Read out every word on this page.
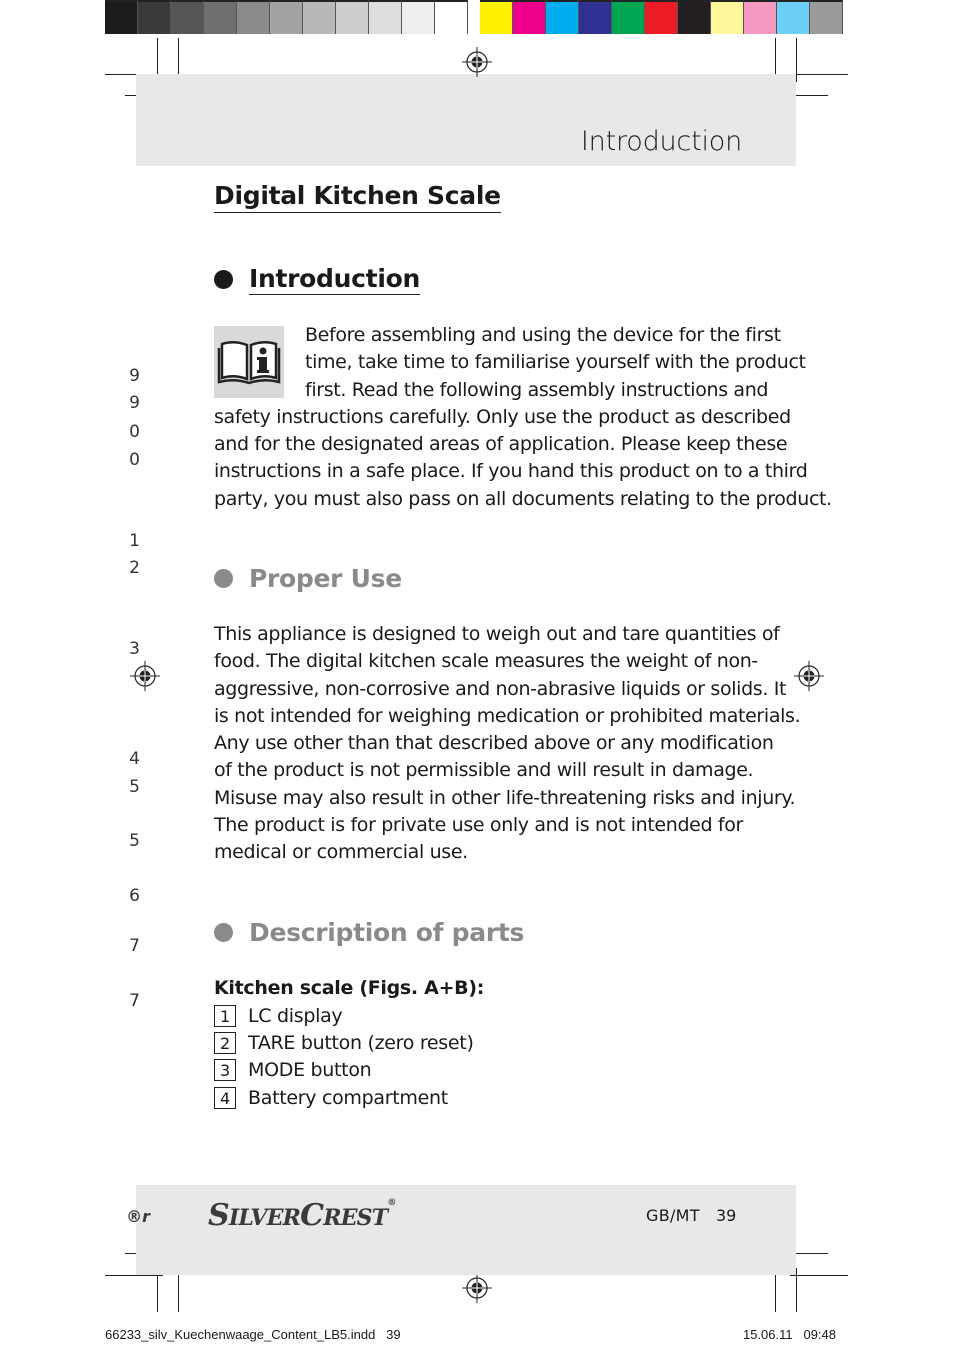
Introduction
Digital Kitchen Scale
Introduction
Before assembling and using the device for the first
time, take time to familiarise yourself with the product
first. Read the following assembly instructions and
safety instructions carefully. Only use the product as described
and for the designated areas of application. Please keep these
instructions in a safe place. If you hand this product on to a third
party, you must also pass on all documents relating to the product.
Proper Use
This appliance is designed to weigh out and tare quantities of
food. The digital kitchen scale measures the weight of non-
aggressive, non-corrosive and non-abrasive liquids or solids. It
is not intended for weighing medication or prohibited materials.
Any use other than that described above or any modification
of the product is not permissible and will result in damage.
Misuse may also result in other life-threatening risks and injury.
The product is for private use only and is not intended for
medical or commercial use.
Description of parts
Kitchen scale (Figs. A+B):
1 LC display
2 TARE button (zero reset)
3 MODE button
4 Battery compartment
9
9
0
0
1
2
3
4
5
5
6
7
7
r® SILVERCREST®
GB/MT 39
66233_silv_Kuechenwaage_Content_LB5.indd   39	15.06.11   09:48
